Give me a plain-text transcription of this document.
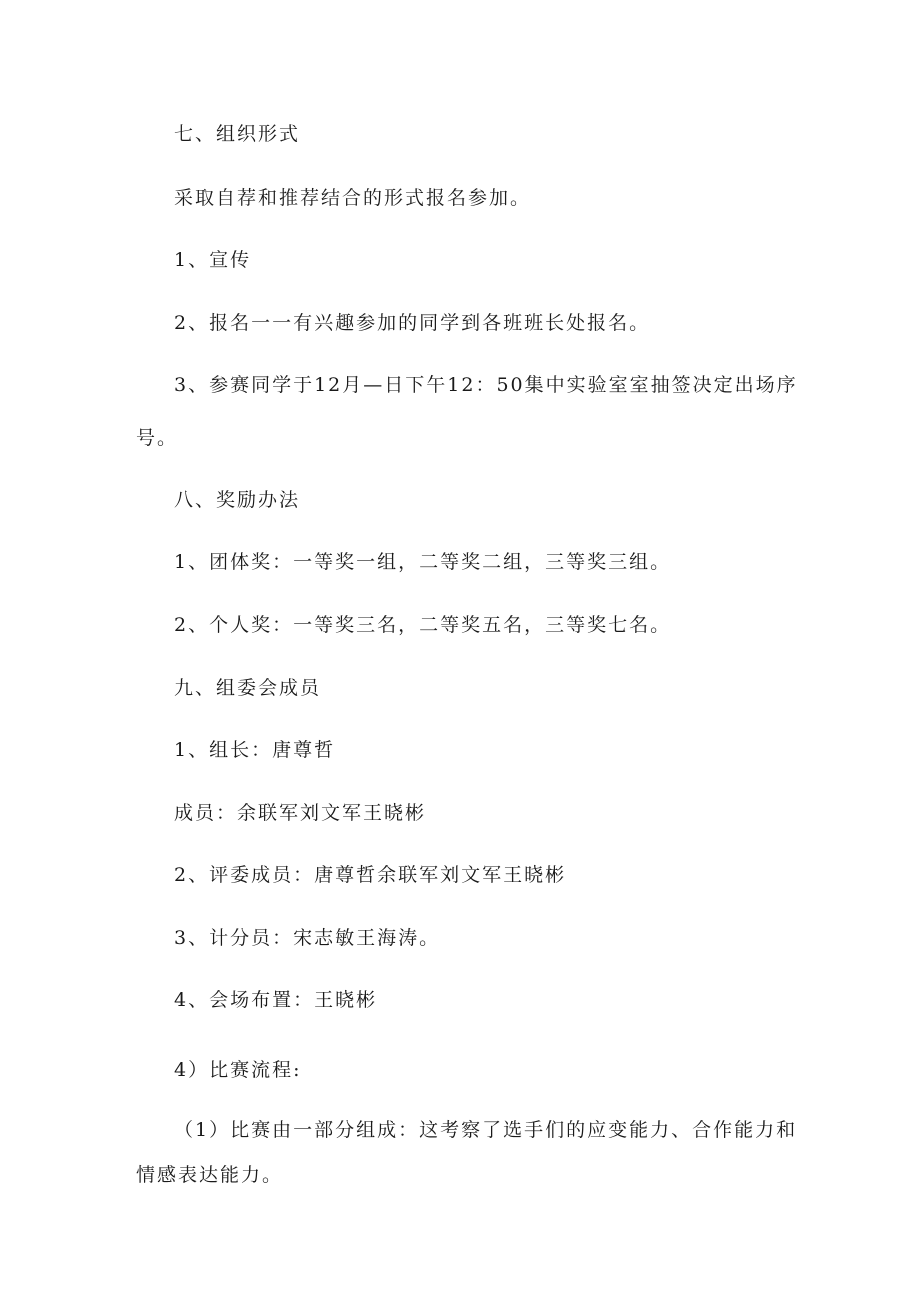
七、组织形式
采取自荐和推荐结合的形式报名参加。
1、宣传
2、报名一一有兴趣参加的同学到各班班长处报名。
3、参赛同学于12月—日下午12：50集中实验室室抽签决定出场序
号。
八、奖励办法
1、团体奖：一等奖一组，二等奖二组，三等奖三组。
2、个人奖：一等奖三名，二等奖五名，三等奖七名。
九、组委会成员
1、组长：唐尊哲
成员：余联军刘文军王晓彬
2、评委成员：唐尊哲余联军刘文军王晓彬
3、计分员：宋志敏王海涛。
4、会场布置：王晓彬
4）比赛流程:
（1）比赛由一部分组成：这考察了选手们的应变能力、合作能力和
情感表达能力。
